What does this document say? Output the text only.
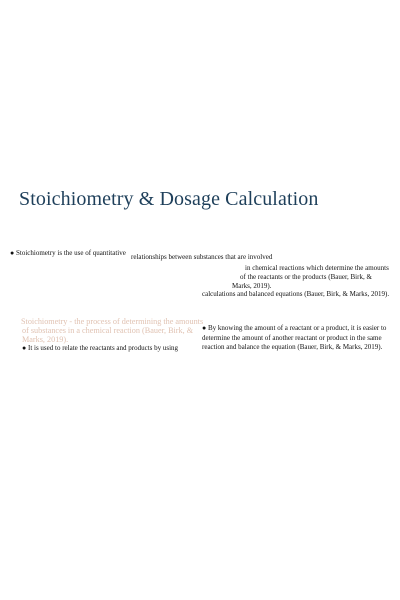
Stoichiometry & Dosage Calculation
● Stoichiometry is the use of quantitative relationships between substances that are involved
in chemical reactions which determine the amounts
of the reactants or the products (Bauer, Birk, &
Marks, 2019).
calculations and balanced equations (Bauer, Birk, & Marks, 2019).
Stoichiometry - the process of determining the amounts
of substances in a chemical reaction (Bauer, Birk, &
Marks, 2019).
● It is used to relate the reactants and products by using
● By knowing the amount of a reactant or a product, it is easier to
determine the amount of another reactant or product in the same
reaction and balance the equation (Bauer, Birk, & Marks, 2019).
